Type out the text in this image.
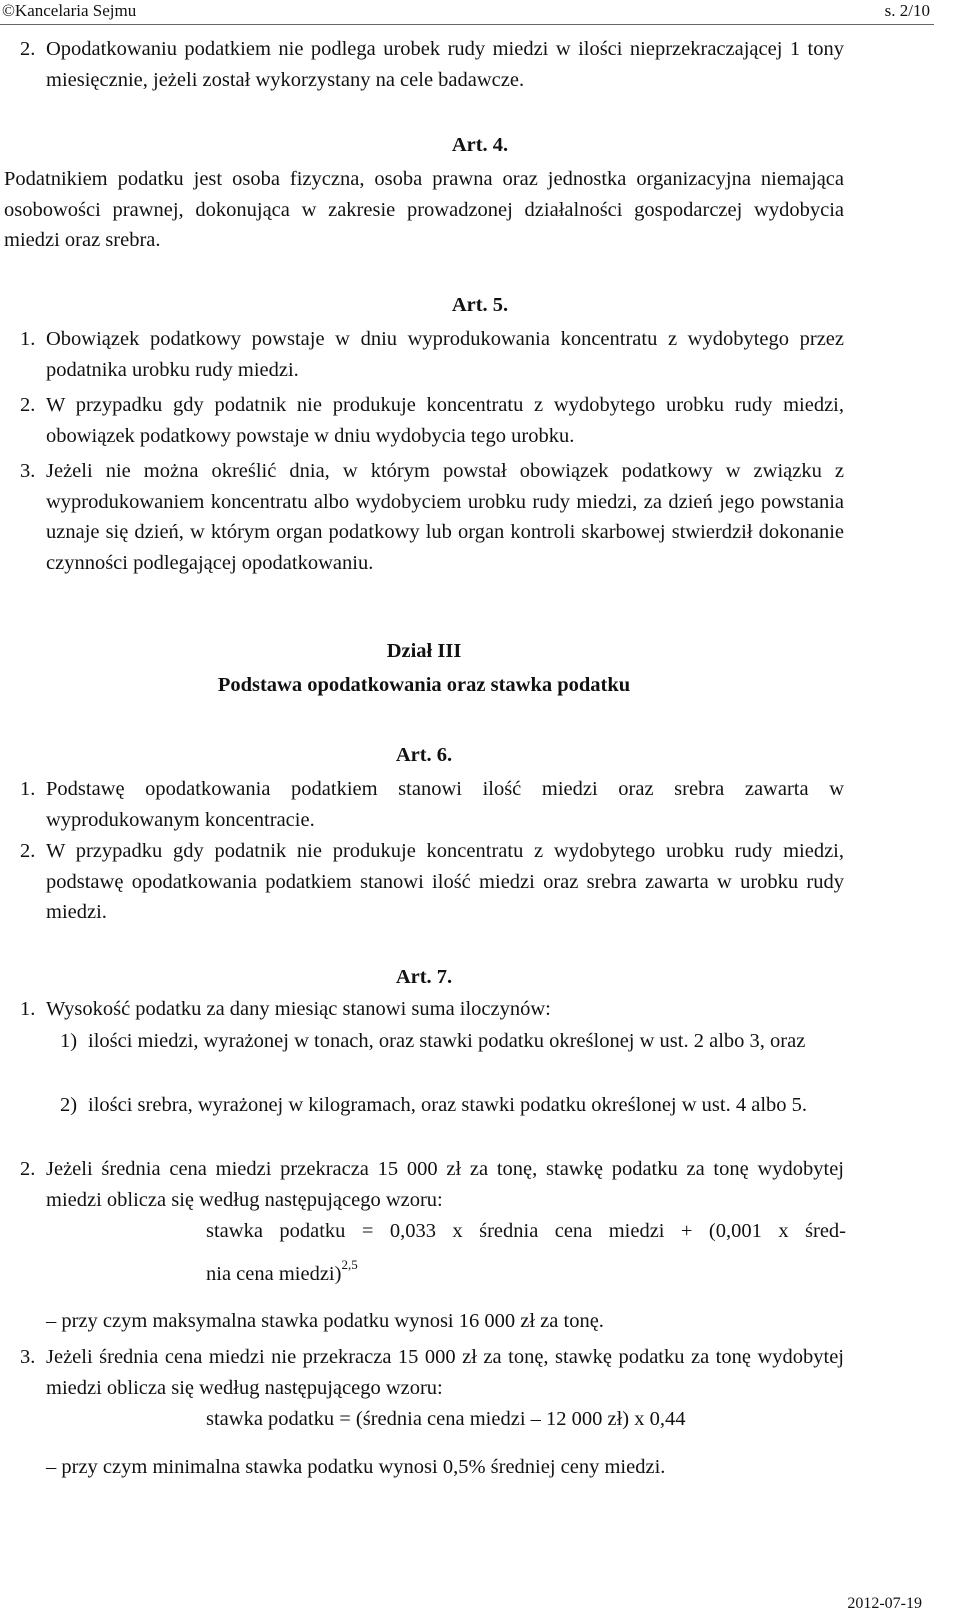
©Kancelaria Sejmu	s. 2/10
2. Opodatkowaniu podatkiem nie podlega urobek rudy miedzi w ilości nieprzekraczającej 1 tony miesięcznie, jeżeli został wykorzystany na cele badawcze.

Art. 4.

Podatnikiem podatku jest osoba fizyczna, osoba prawna oraz jednostka organizacyjna niemająca osobowości prawnej, dokonująca w zakresie prowadzonej działalności gospodarczej wydobycia miedzi oraz srebra.

Art. 5.
1. Obowiązek podatkowy powstaje w dniu wyprodukowania koncentratu z wydobytego przez podatnika urobku rudy miedzi.

2. W przypadku gdy podatnik nie produkuje koncentratu z wydobytego urobku rudy miedzi, obowiązek podatkowy powstaje w dniu wydobycia tego urobku.

3. Jeżeli nie można określić dnia, w którym powstał obowiązek podatkowy w związku z wyprodukowaniem koncentratu albo wydobyciem urobku rudy miedzi, za dzień jego powstania uznaje się dzień, w którym organ podatkowy lub organ kontroli skarbowej stwierdził dokonanie czynności podlegającej opodatkowaniu.

Dział III
Podstawa opodatkowania oraz stawka podatku
Art. 6.
1. Podstawę opodatkowania podatkiem stanowi ilość miedzi oraz srebra zawarta w wyprodukowanym koncentracie.

2. W przypadku gdy podatnik nie produkuje koncentratu z wydobytego urobku rudy miedzi, podstawę opodatkowania podatkiem stanowi ilość miedzi oraz srebra zawarta w urobku rudy miedzi.

Art. 7.
1. Wysokość podatku za dany miesiąc stanowi suma iloczynów:

1) ilości miedzi, wyrażonej w tonach, oraz stawki podatku określonej w ust. 2 albo 3, oraz

2) ilości srebra, wyrażonej w kilogramach, oraz stawki podatku określonej w ust. 4 albo 5.

2. Jeżeli średnia cena miedzi przekracza 15 000 zł za tonę, stawkę podatku za tonę wydobytej miedzi oblicza się według następującego wzoru:

stawka podatku = 0,033 x średnia cena miedzi + (0,001 x śred-

nia cena miedzi)$^{2,5}$
– przy czym maksymalna stawka podatku wynosi 16 000 zł za tonę.
3. Jeżeli średnia cena miedzi nie przekracza 15 000 zł za tonę, stawkę podatku za tonę wydobytej miedzi oblicza się według następującego wzoru:

stawka podatku = (średnia cena miedzi – 12 000 zł) x 0,44
– przy czym minimalna stawka podatku wynosi 0,5% średniej ceny miedzi.
2012-07-19
